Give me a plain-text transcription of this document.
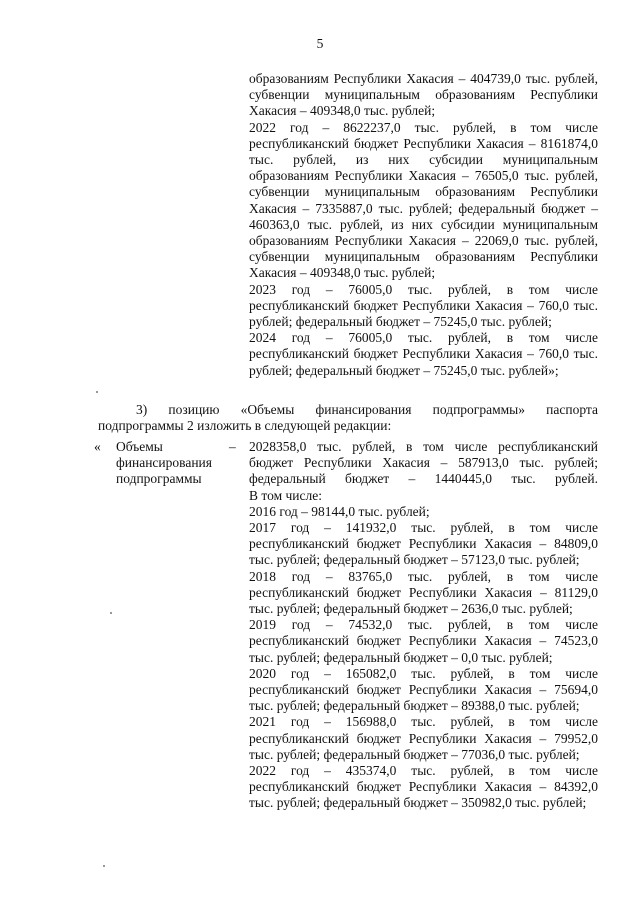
5

образованиям Республики Хакасия – 404739,0 тыс. рублей, субвенции муниципальным образованиям Республики Хакасия – 409348,0 тыс. рублей;

2022 год – 8622237,0 тыс. рублей, в том числе республиканский бюджет Республики Хакасия – 8161874,0 тыс. рублей, из них субсидии муниципальным образованиям Республики Хакасия – 76505,0 тыс. рублей, субвенции муниципальным образованиям Республики Хакасия – 7335887,0 тыс. рублей; федеральный бюджет – 460363,0 тыс. рублей, из них субсидии муниципальным образованиям Республики Хакасия – 22069,0 тыс. рублей, субвенции муниципальным образованиям Республики Хакасия – 409348,0 тыс. рублей;

2023 год – 76005,0 тыс. рублей, в том числе республиканский бюджет Республики Хакасия – 760,0 тыс. рублей; федеральный бюджет – 75245,0 тыс. рублей;

2024 год – 76005,0 тыс. рублей, в том числе республиканский бюджет Республики Хакасия – 760,0 тыс. рублей; федеральный бюджет – 75245,0 тыс. рублей»;

3) позицию «Объемы финансирования подпрограммы» паспорта

подпрограммы 2 изложить в следующей редакции:

« Объемы
финансирования
подпрограммы
– 2028358,0 тыс. рублей, в том числе республиканский бюджет Республики Хакасия – 587913,0 тыс. рублей; федеральный бюджет – 1440445,0 тыс. рублей.

В том числе:

2016 год – 98144,0 тыс. рублей;

2017 год – 141932,0 тыс. рублей, в том числе республиканский бюджет Республики Хакасия – 84809,0 тыс. рублей; федеральный бюджет – 57123,0 тыс. рублей;

2018 год – 83765,0 тыс. рублей, в том числе республиканский бюджет Республики Хакасия – 81129,0 тыс. рублей; федеральный бюджет – 2636,0 тыс. рублей;

2019 год – 74532,0 тыс. рублей, в том числе республиканский бюджет Республики Хакасия – 74523,0 тыс. рублей; федеральный бюджет – 0,0 тыс. рублей;

2020 год – 165082,0 тыс. рублей, в том числе республиканский бюджет Республики Хакасия – 75694,0 тыс. рублей; федеральный бюджет – 89388,0 тыс. рублей;

2021 год – 156988,0 тыс. рублей, в том числе республиканский бюджет Республики Хакасия – 79952,0 тыс. рублей; федеральный бюджет – 77036,0 тыс. рублей;

2022 год – 435374,0 тыс. рублей, в том числе республиканский бюджет Республики Хакасия – 84392,0 тыс. рублей; федеральный бюджет – 350982,0 тыс. рублей;
